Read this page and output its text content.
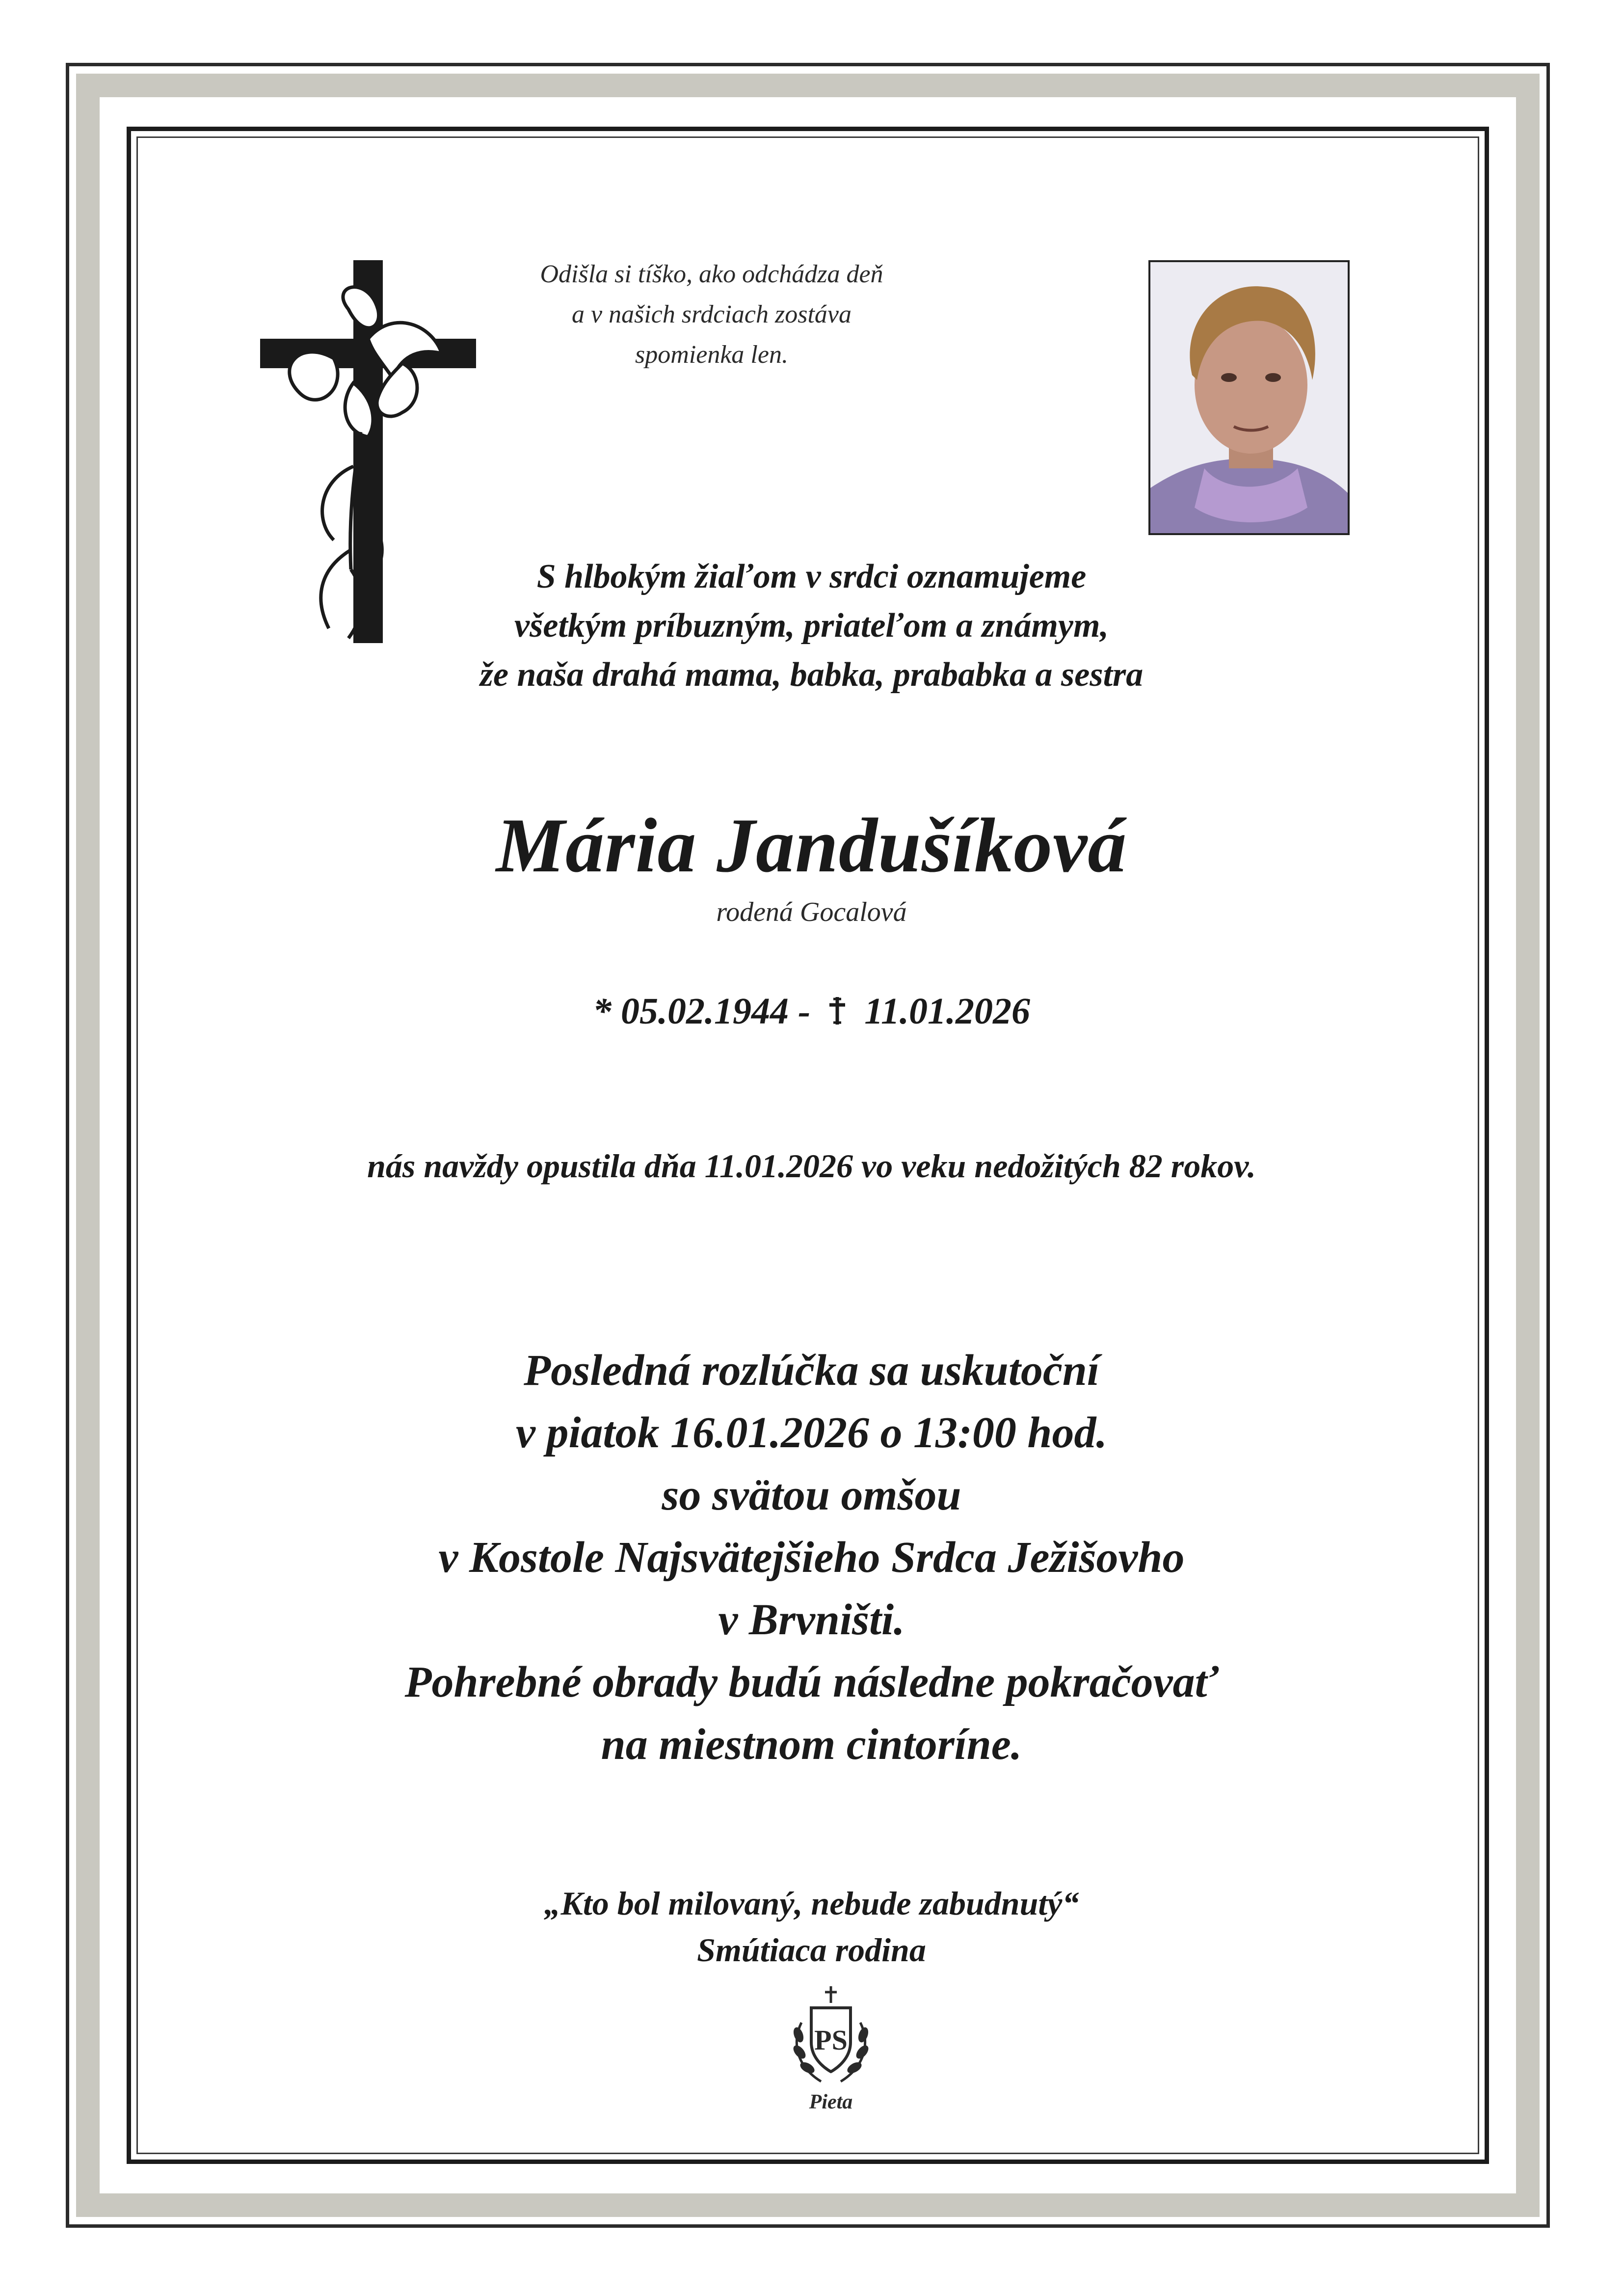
Odišla si tíško, ako odchádza deň
a v našich srdciach zostáva
spomienka len.
S hlbokým žiaľom v srdci oznamujeme
všetkým príbuzným, priateľom a známym,
že naša drahá mama, babka, prababka a sestra
Mária Jandušíková
rodená Gocalová
* 05.02.1944 - 11.01.2026
nás navždy opustila dňa 11.01.2026 vo veku nedožitých 82 rokov.
Posledná rozlúčka sa uskutoční
v piatok 16.01.2026 o 13:00 hod.
so svätou omšou
v Kostole Najsvätejšieho Srdca Ježišovho
v Brvništi.
Pohrebné obrady budú následne pokračovať
na miestnom cintoríne.
„Kto bol milovaný, nebude zabudnutý“
Smútiaca rodina
PS
Pieta
